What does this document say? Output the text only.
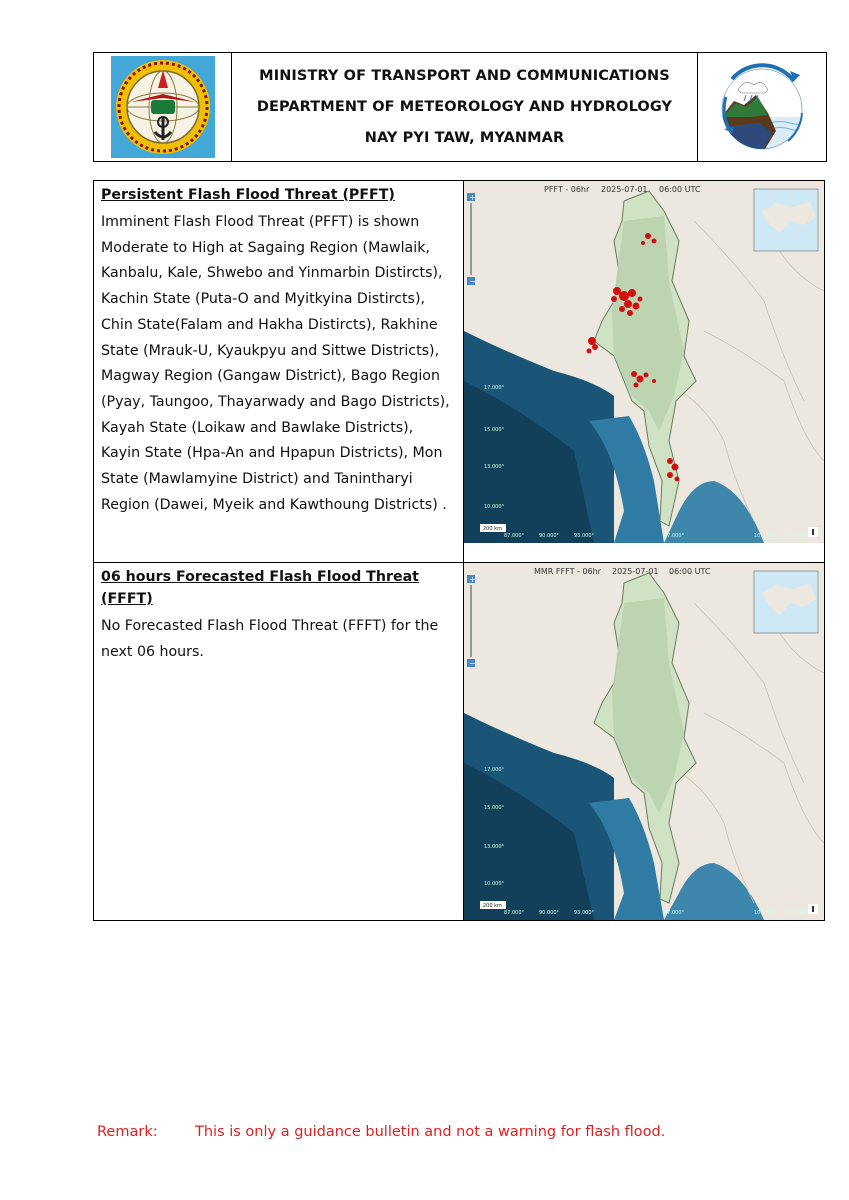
MINISTRY OF TRANSPORT AND COMMUNICATIONS
DEPARTMENT OF METEOROLOGY AND HYDROLOGY
NAY PYI TAW, MYANMAR
Persistent Flash Flood Threat (PFFT)
Imminent Flash Flood Threat (PFFT) is shown
Moderate to High at Sagaing Region (Mawlaik,
Kanbalu, Kale, Shwebo and Yinmarbin Distircts),
Kachin State (Puta-O and Myitkyina Distircts),
Chin State(Falam and Hakha Distircts), Rakhine
State (Mrauk-U, Kyaukpyu and Sittwe Districts),
Magway Region (Gangaw District), Bago Region
(Pyay, Taungoo, Thayarwady and Bago Districts),
Kayah State (Loikaw and Bawlake Districts),
Kayin State (Hpa-An and Hpapun Districts), Mon
State (Mawlamyine District) and Tanintharyi
Region (Dawei, Myeik and Kawthoung Districts) .
+
−
PFFT - 06hr 2025-07-01 06:00 UTC
17.000°
15.000°
13.000°
10.000°
87.000°	90.000°	93.000°	97.000°	101.000° 107.000°
200 km
06 hours Forecasted Flash Flood Threat (FFFT)
No Forecasted Flash Flood Threat (FFFT) for the
next 06 hours.
+
−
MMR FFFT - 06hr 2025-07-01 06:00 UTC
17.000°
15.000°
13.000°
10.000°
87.000°	90.000°	93.000°	97.000°	101.000° 107.000°
200 km
Remark:	This is only a guidance bulletin and not a warning for flash flood.
